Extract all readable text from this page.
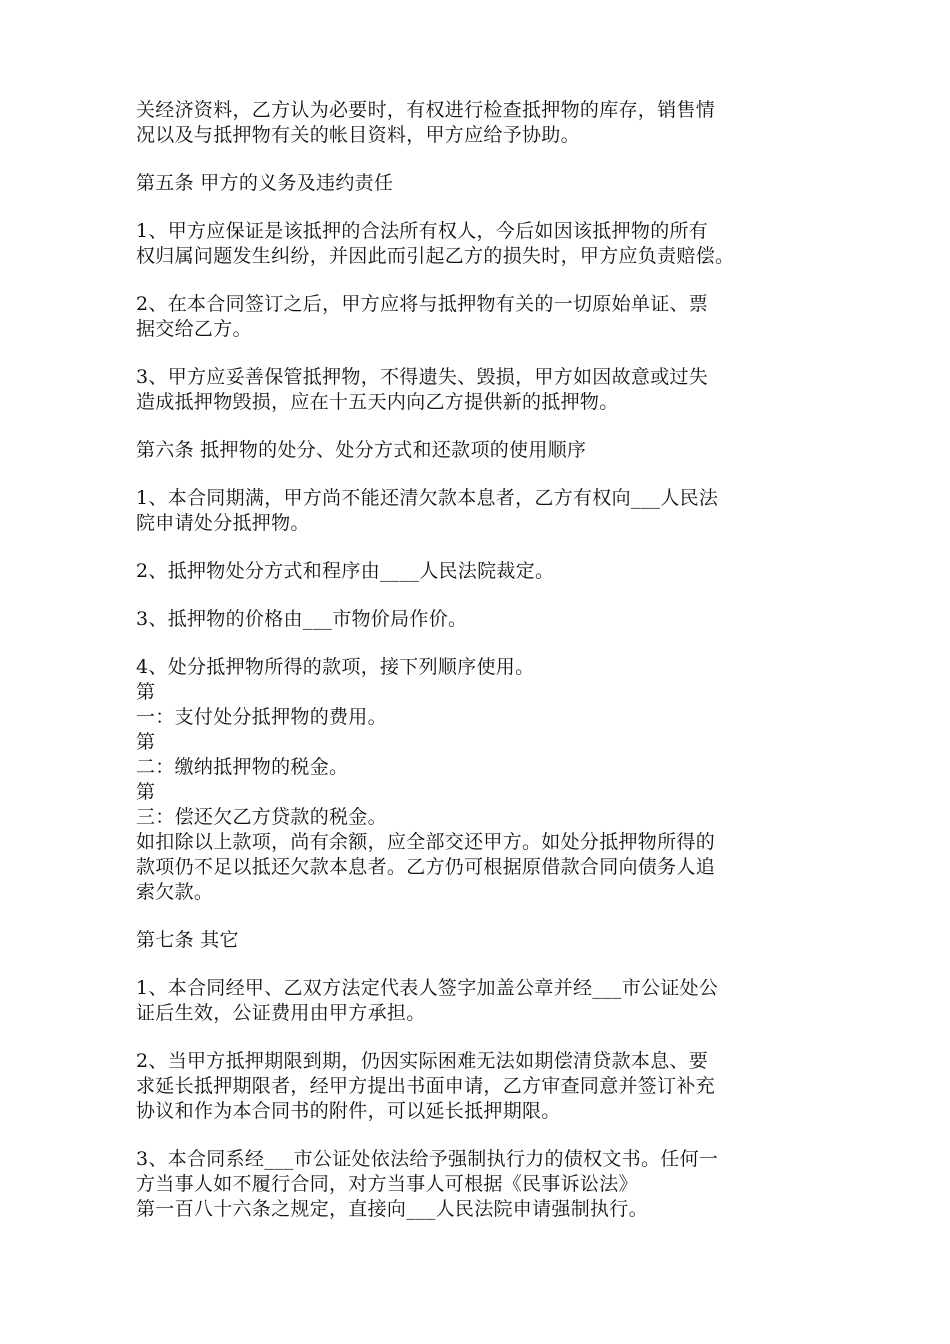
关经济资料，乙方认为必要时，有权进行检查抵押物的库存，销售情
况以及与抵押物有关的帐目资料，甲方应给予协助。
第五条 甲方的义务及违约责任
1、甲方应保证是该抵押的合法所有权人，今后如因该抵押物的所有
权归属问题发生纠纷，并因此而引起乙方的损失时，甲方应负责赔偿。
2、在本合同签订之后，甲方应将与抵押物有关的一切原始单证、票
据交给乙方。
3、甲方应妥善保管抵押物，不得遗失、毁损，甲方如因故意或过失
造成抵押物毁损，应在十五天内向乙方提供新的抵押物。
第六条 抵押物的处分、处分方式和还款项的使用顺序
1、本合同期满，甲方尚不能还清欠款本息者，乙方有权向___人民法
院申请处分抵押物。
2、抵押物处分方式和程序由____人民法院裁定。
3、抵押物的价格由___市物价局作价。
4、处分抵押物所得的款项，接下列顺序使用。
第
一：支付处分抵押物的费用。
第
二：缴纳抵押物的税金。
第
三：偿还欠乙方贷款的税金。
如扣除以上款项，尚有余额，应全部交还甲方。如处分抵押物所得的
款项仍不足以抵还欠款本息者。乙方仍可根据原借款合同向债务人追
索欠款。
第七条 其它
1、本合同经甲、乙双方法定代表人签字加盖公章并经___市公证处公
证后生效，公证费用由甲方承担。
2、当甲方抵押期限到期，仍因实际困难无法如期偿清贷款本息、要
求延长抵押期限者，经甲方提出书面申请，乙方审查同意并签订补充
协议和作为本合同书的附件，可以延长抵押期限。
3、本合同系经___市公证处依法给予强制执行力的债权文书。任何一
方当事人如不履行合同，对方当事人可根据《民事诉讼法》
第一百八十六条之规定，直接向___人民法院申请强制执行。
